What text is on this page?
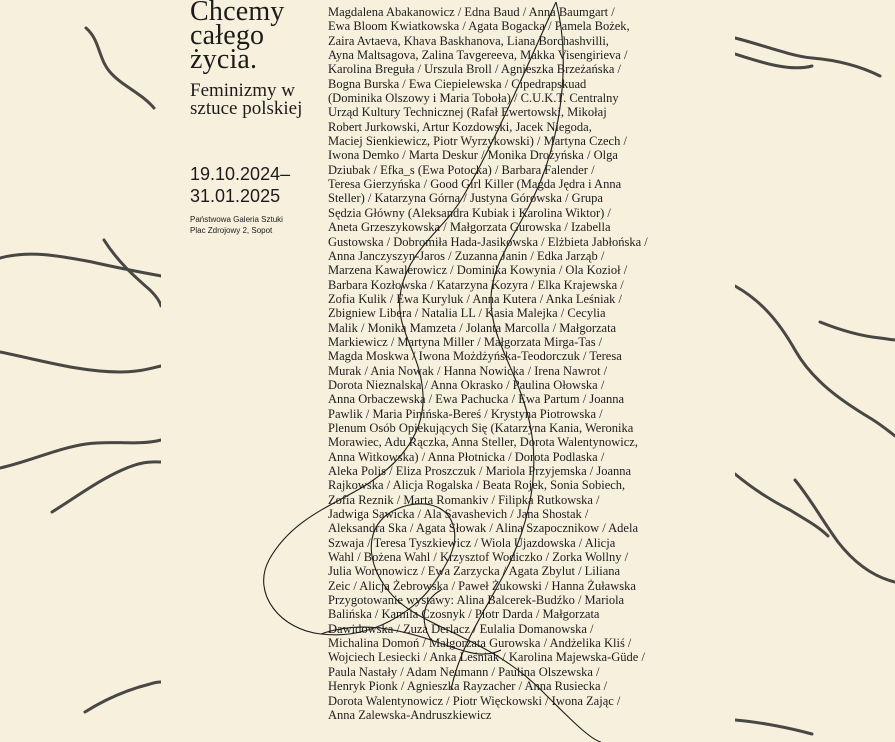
Chcemy całego życia.
Feminizmy w sztuce polskiej
19.10.2024–
31.01.2025
Państwowa Galeria Sztuki
Plac Zdrojowy 2, Sopot
Magdalena Abakanowicz / Edna Baud / Anna Baumgart /
Ewa Bloom Kwiatkowska / Agata Bogacka / Pamela Bożek,
Zaira Avtaeva, Khava Baskhanova, Liana Borchashvilli,
Ayna Maltsagova, Zalina Tavgereeva, Makka Visengirieva /
Karolina Breguła / Urszula Broll / Agnieszka Brzeżańska /
Bogna Burska / Ewa Ciepielewska / Cipedrapskuad
(Dominika Olszowy i Maria Toboła) / C.U.K.T. Centralny
Urząd Kultury Technicznej (Rafał Ewertowski, Mikołaj
Robert Jurkowski, Artur Kozdowski, Jacek Niegoda,
Maciej Sienkiewicz, Piotr Wyrzykowski) / Martyna Czech /
Iwona Demko / Marta Deskur / Monika Drożyńska / Olga
Dziubak / Efka_s (Ewa Potocka) / Barbara Falender /
Teresa Gierzyńska / Good Girl Killer (Magda Jędra i Anna
Steller) / Katarzyna Górna / Justyna Górowska / Grupa
Sędzia Główny (Aleksandra Kubiak i Karolina Wiktor) /
Aneta Grzeszykowska / Małgorzata Gurowska / Izabella
Gustowska / Dobromiła Hada-Jasikowska / Elżbieta Jabłońska /
Anna Janczyszyn-Jaros / Zuzanna Janin / Edka Jarząb /
Marzena Kawalerowicz / Dominika Kowynia / Ola Kozioł /
Barbara Kozłowska / Katarzyna Kozyra / Elka Krajewska /
Zofia Kulik / Ewa Kuryluk / Anna Kutera / Anka Leśniak /
Zbigniew Libera / Natalia LL / Kasia Malejka / Cecylia
Malik / Monika Mamzeta / Jolanta Marcolla / Małgorzata
Markiewicz / Martyna Miller / Małgorzata Mirga-Tas /
Magda Moskwa / Iwona Możdżyńska-Teodorczuk / Teresa
Murak / Ania Nowak / Hanna Nowicka / Irena Nawrot /
Dorota Nieznalska / Anna Okrasko / Paulina Ołowska /
Anna Orbaczewska / Ewa Pachucka / Ewa Partum / Joanna
Pawlik / Maria Pinińska-Bereś / Krystyna Piotrowska /
Plenum Osób Opiekujących Się (Katarzyna Kania, Weronika
Morawiec, Adu Rączka, Anna Steller, Dorota Walentynowicz,
Anna Witkowska) / Anna Płotnicka / Dorota Podlaska /
Aleka Polis / Eliza Proszczuk / Mariola Przyjemska / Joanna
Rajkowska / Alicja Rogalska / Beata Rojek, Sonia Sobiech,
Zofia Reznik / Marta Romankiv / Filipka Rutkowska /
Jadwiga Sawicka / Ala Savashevich / Jana Shostak /
Aleksandra Ska / Agata Słowak / Alina Szapocznikow / Adela
Szwaja / Teresa Tyszkiewicz / Wiola Ujazdowska / Alicja
Wahl / Bożena Wahl / Krzysztof Wodiczko / Zorka Wollny /
Julia Woronowicz / Ewa Zarzycka / Agata Zbylut / Liliana
Zeic / Alicja Żebrowska / Paweł Żukowski / Hanna Żuławska
Przygotowanie wystawy: Alina Balcerek-Budźko / Mariola
Balińska / Kamila Czosnyk / Piotr Darda / Małgorzata
Dawidowska / Zuza Derlacz / Eulalia Domanowska /
Michalina Domoń / Małgorzata Gurowska / Andżelika Kliś /
Wojciech Lesiecki / Anka Leśniak / Karolina Majewska-Güde /
Paula Nastały / Adam Neumann / Paulina Olszewska /
Henryk Pionk / Agnieszka Rayzacher / Anna Rusiecka /
Dorota Walentynowicz / Piotr Więckowski / Iwona Zając /
Anna Zalewska-Andruszkiewicz
